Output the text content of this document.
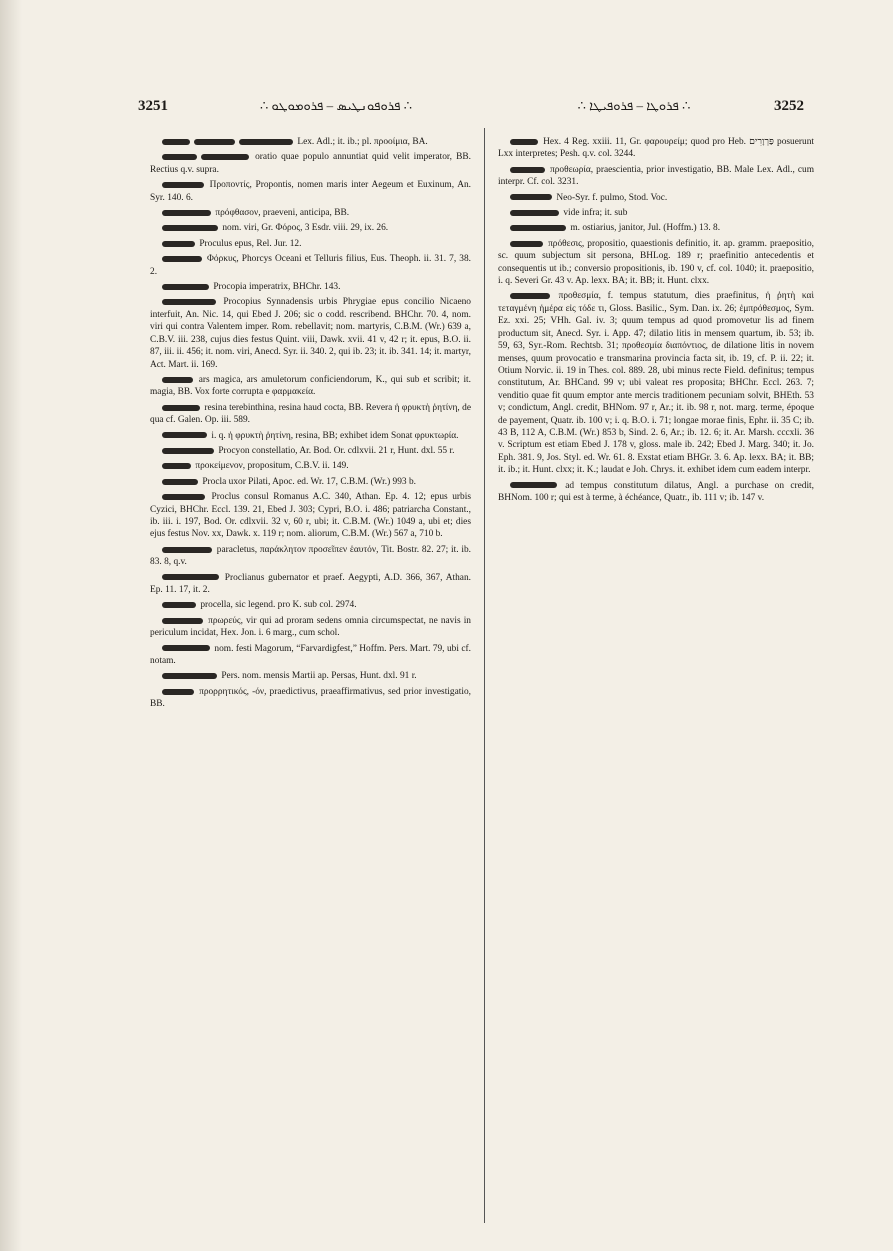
3251	∴ ܦܪܘܦܘܢܛܝܣ – ܦܪܘܡܘܛܘ ∴	∴ ܦܪܘܛܐ – ܦܪܘܦܝܛܐ ∴	3252

Lex. Adl.; it. ib.; pl. προοίμια, BA.

oratio quae populo annuntiat quid velit imperator, BB. Rectius q.v. supra.

Προποντίς, Propontis, nomen maris inter Aegeum et Euxinum, An. Syr. 140. 6.

πρόφθασον, praeveni, anticipa, BB.

nom. viri, Gr. Φόρος, 3 Esdr. viii. 29, ix. 26.

Proculus epus, Rel. Jur. 12.

Φόρκυς, Phorcys Oceani et Telluris filius, Eus. Theoph. ii. 31. 7, 38. 2.

Procopia imperatrix, BHChr. 143.

Procopius Synnadensis urbis Phrygiae epus concilio Nicaeno interfuit, An. Nic. 14, qui Ebed J. 206; sic o codd. rescribend. BHChr. 70. 4, nom. viri qui contra Valentem imper. Rom. rebellavit; nom. martyris, C.B.M. (Wr.) 639 a, C.B.V. iii. 238, cujus dies festus Quint. viii, Dawk. xvii. 41 v, 42 r; it. epus, B.O. ii. 87, iii. ii. 456; it. nom. viri, Anecd. Syr. ii. 340. 2, qui ib. 23; it. ib. 341. 14; it. martyr, Act. Mart. ii. 169.

ars magica, ars amuletorum conficiendorum, K., qui sub et scribit; it. magia, BB. Vox forte corrupta e φαρμακεία.

resina terebinthina, resina haud cocta, BB. Revera ἡ φρυκτὴ ῥητίνη, de qua cf. Galen. Op. iii. 589.

i. q. ἡ φρυκτὴ ῥητίνη, resina, BB; exhibet idem Sonat φρυκτωρία.

Procyon constellatio, Ar. Bod. Or. cdlxvii. 21 r, Hunt. dxl. 55 r.

προκείμενον, propositum, C.B.V. ii. 149.

Procla uxor Pilati, Apoc. ed. Wr. 17, C.B.M. (Wr.) 993 b.

Proclus consul Romanus A.C. 340, Athan. Ep. 4. 12; epus urbis Cyzici, BHChr. Eccl. 139. 21, Ebed J. 303; Cypri, B.O. i. 486; patriarcha Constant., ib. iii. i. 197, Bod. Or. cdlxvii. 32 v, 60 r, ubi; it. C.B.M. (Wr.) 1049 a, ubi et; dies ejus festus Nov. xx, Dawk. x. 119 r; nom. aliorum, C.B.M. (Wr.) 567 a, 710 b.

paracletus, παράκλητον προσεῖπεν ἑαυτόν, Tit. Bostr. 82. 27; it. ib. 83. 8, q.v.

Proclianus gubernator et praef. Aegypti, A.D. 366, 367, Athan. Ep. 11. 17, it. 2.

procella, sic legend. pro K. sub col. 2974.

πρωρεύς, vir qui ad proram sedens omnia circumspectat, ne navis in periculum incidat, Hex. Jon. i. 6 marg., cum schol.

nom. festi Magorum, “Farvardigfest,” Hoffm. Pers. Mart. 79, ubi cf. notam.

Pers. nom. mensis Martii ap. Persas, Hunt. dxl. 91 r.

προρρητικός, -όν, praedictivus, praeaffirmativus, sed prior investigatio, BB.

Hex. 4 Reg. xxiii. 11, Gr. φαρουρείμ; quod pro Heb. פַּרְוָרִים posuerunt Lxx interpretes; Pesh. q.v. col. 3244.

προθεωρία, praescientia, prior investigatio, BB. Male Lex. Adl., cum interpr. Cf. col. 3231.

Neo-Syr. f. pulmo, Stod. Voc.

vide infra; it. sub

m. ostiarius, janitor, Jul. (Hoffm.) 13. 8.

πρόθεσις, propositio, quaestionis definitio, it. ap. gramm. praepositio, sc. quum subjectum sit persona, BHLog. 189 r; praefinitio antecedentis et consequentis ut ib.; conversio propositionis, ib. 190 v, cf. col. 1040; it. praepositio, i. q. Severi Gr. 43 v. Ap. lexx. BA; it. BB; it. Hunt. clxx.

προθεσμία, f. tempus statutum, dies praefinitus, ἡ ῥητὴ καὶ τεταγμένη ἡμέρα εἰς τόδε τι, Gloss. Basilic., Sym. Dan. ix. 26; ἐμπρόθεσμος, Sym. Ez. xxi. 25; VHh. Gal. iv. 3; quum tempus ad quod promovetur lis ad finem productum sit, Anecd. Syr. i. App. 47; dilatio litis in mensem quartum, ib. 53; ib. 59, 63, Syr.-Rom. Rechtsb. 31; προθεσμία διαπόντιος, de dilatione litis in novem menses, quum provocatio e transmarina provincia facta sit, ib. 19, cf. P. ii. 22; it. Otium Norvic. ii. 19 in Thes. col. 889. 28, ubi minus recte Field. definitus; tempus constitutum, Ar. BHCand. 99 v; ubi valeat res proposita; BHChr. Eccl. 263. 7; venditio quae fit quum emptor ante mercis traditionem pecuniam solvit, BHEth. 53 v; condictum, Angl. credit, BHNom. 97 r, Ar.; it. ib. 98 r, not. marg. terme, époque de payement, Quatr. ib. 100 v; i. q. B.O. i. 71; longae morae finis, Ephr. ii. 35 C; ib. 43 B, 112 A, C.B.M. (Wr.) 853 b, Sind. 2. 6, Ar.; ib. 12. 6; it. Ar. Marsh. cccxli. 36 v. Scriptum est etiam Ebed J. 178 v, gloss. male ib. 242; Ebed J. Marg. 340; it. Jo. Eph. 381. 9, Jos. Styl. ed. Wr. 61. 8. Exstat etiam BHGr. 3. 6. Ap. lexx. BA; it. BB; it. ib.; it. Hunt. clxx; it. K.; laudat e Joh. Chrys. it. exhibet idem cum eadem interpr.

ad tempus constitutum dilatus, Angl. a purchase on credit, BHNom. 100 r; qui est à terme, à échéance, Quatr., ib. 111 v; ib. 147 v.
